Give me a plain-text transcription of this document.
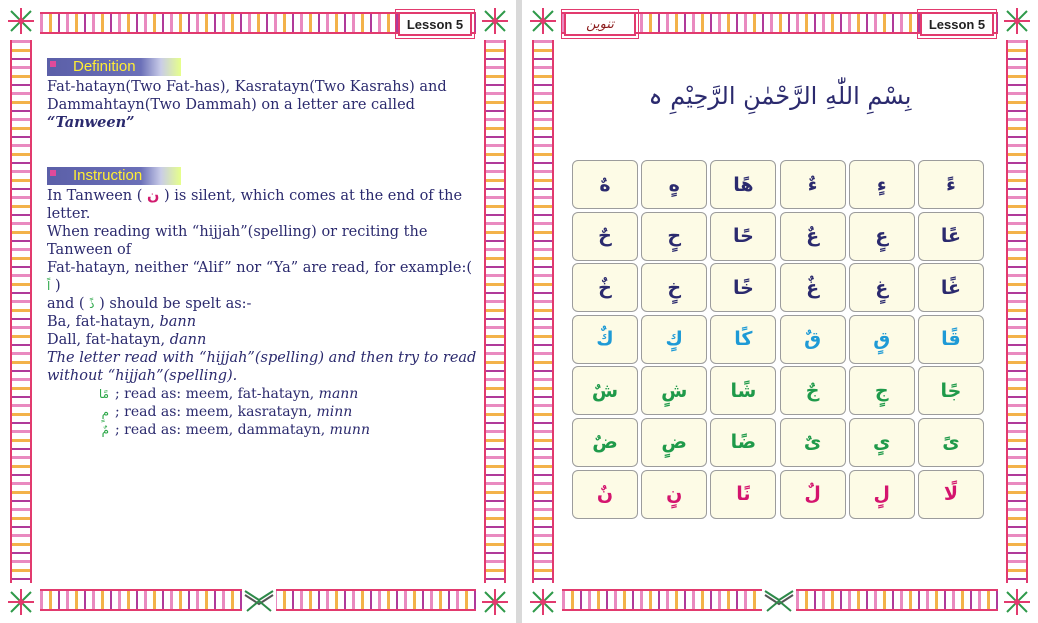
Lesson 5
Definition
Fat-hatayn(Two Fat-has), Kasratayn(Two Kasrahs) and
Dammahtayn(Two Dammah) on a letter are called “Tanween”
Instruction
In Tanween ( ن ) is silent, which comes at the end of the letter.
When reading with “hijjah”(spelling) or reciting the Tanween of
Fat-hatayn, neither “Alif” nor “Ya” are read, for example:( اً )
and ( ذً ) should be spelt as:-
Ba, fat-hatayn, bann
Dall, fat-hatayn, dann
The letter read with “hijjah”(spelling) and then try to read
without “hijjah”(spelling).
مًا ; read as: meem, fat-hatayn, mann
مٍ ; read as: meem, kasratayn, minn
مٌ ; read as: meem, dammatayn, munn
تنوین	Lesson 5
بِسْمِ اللّٰهِ الرَّحْمٰنِ الرَّحِیْمِ ہ
هٌ	هٍ	هًا	ءٌ	ءٍ	ءً
حٌ	حٍ	حًا	عٌ	عٍ	عًا
خٌ	خٍ	خًا	غٌ	غٍ	غًا
كٌ	كٍ	كًا	قٌ	قٍ	قًا
شٌ	شٍ	شًا	جٌ	جٍ	جًا
ضٌ	ضٍ	ضًا	یٌ	یٍ	یً
نٌ	نٍ	نًا	لٌ	لٍ	لًا
